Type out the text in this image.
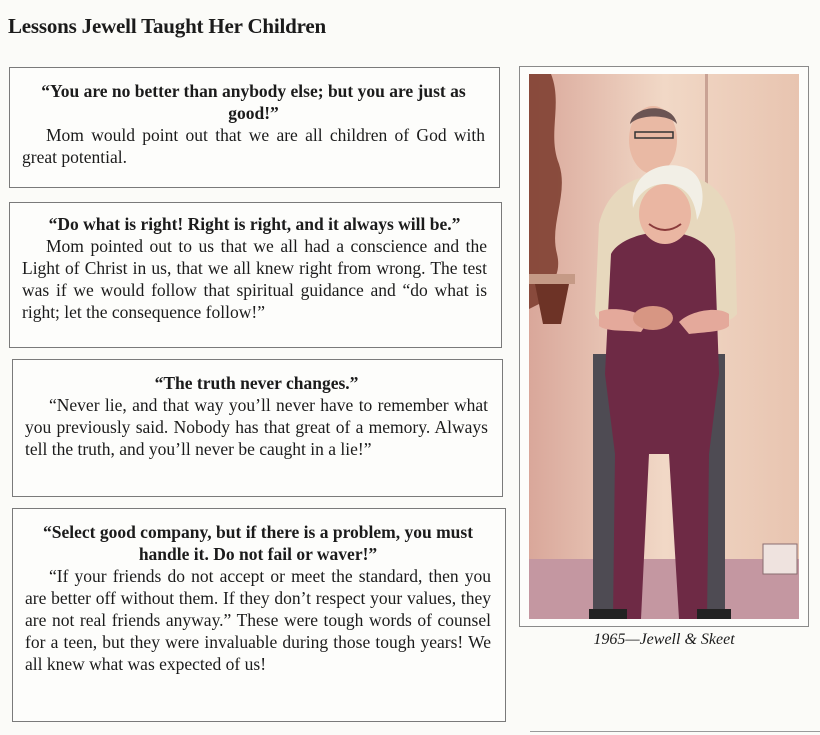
Lessons Jewell Taught Her Children
“You are no better than anybody else; but you are just as good!”
Mom would point out that we are all children of God with great potential.
“Do what is right! Right is right, and it always will be.”
Mom pointed out to us that we all had a conscience and the Light of Christ in us, that we all knew right from wrong. The test was if we would follow that spiritual guidance and “do what is right; let the consequence follow!”
“The truth never changes.”
“Never lie, and that way you’ll never have to remember what you previously said. Nobody has that great of a memory. Always tell the truth, and you’ll never be caught in a lie!”
“Select good company, but if there is a problem, you must handle it. Do not fail or waver!”
“If your friends do not accept or meet the standard, then you are better off without them. If they don’t respect your values, they are not real friends anyway.” These were tough words of counsel for a teen, but they were invaluable during those tough years! We all knew what was expected of us!
1965—Jewell & Skeet
